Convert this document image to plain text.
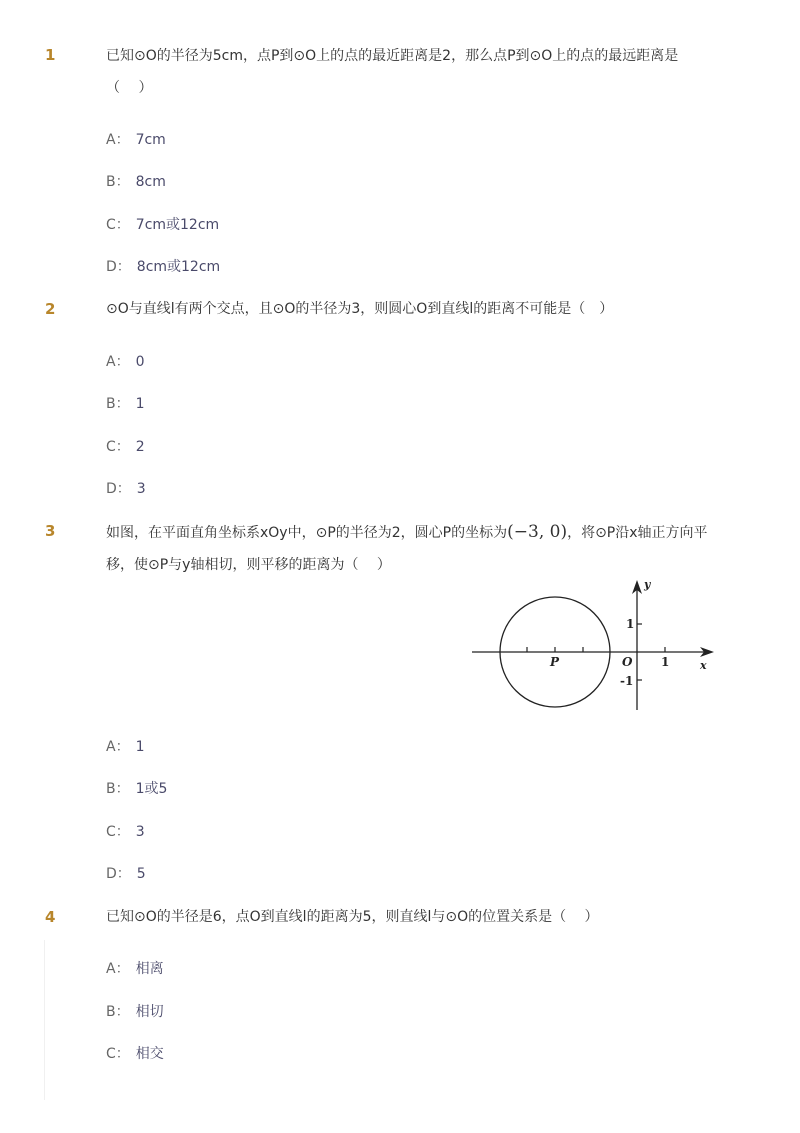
1	已知⊙O的半径为5cm，点P到⊙O上的点的最近距离是2，那么点P到⊙O上的点的最远距离是
（　 ）
A： 7cm
B： 8cm
C： 7cm或12cm
D： 8cm或12cm
2	⊙O与直线l有两个交点，且⊙O的半径为3，则圆心O到直线l的距离不可能是（　）
A： 0
B： 1
C： 2
D： 3
3	如图，在平面直角坐标系xOy中，⊙P的半径为2，圆心P的坐标为(−3, 0)，将⊙P沿x轴正方向平
移，使⊙P与y轴相切，则平移的距离为（　 ）
y
x
O
P	1
1
-1
A： 1
B： 1或5
C： 3
D： 5
4	已知⊙O的半径是6，点O到直线l的距离为5，则直线l与⊙O的位置关系是（　 ）
A： 相离
B： 相切
C： 相交
